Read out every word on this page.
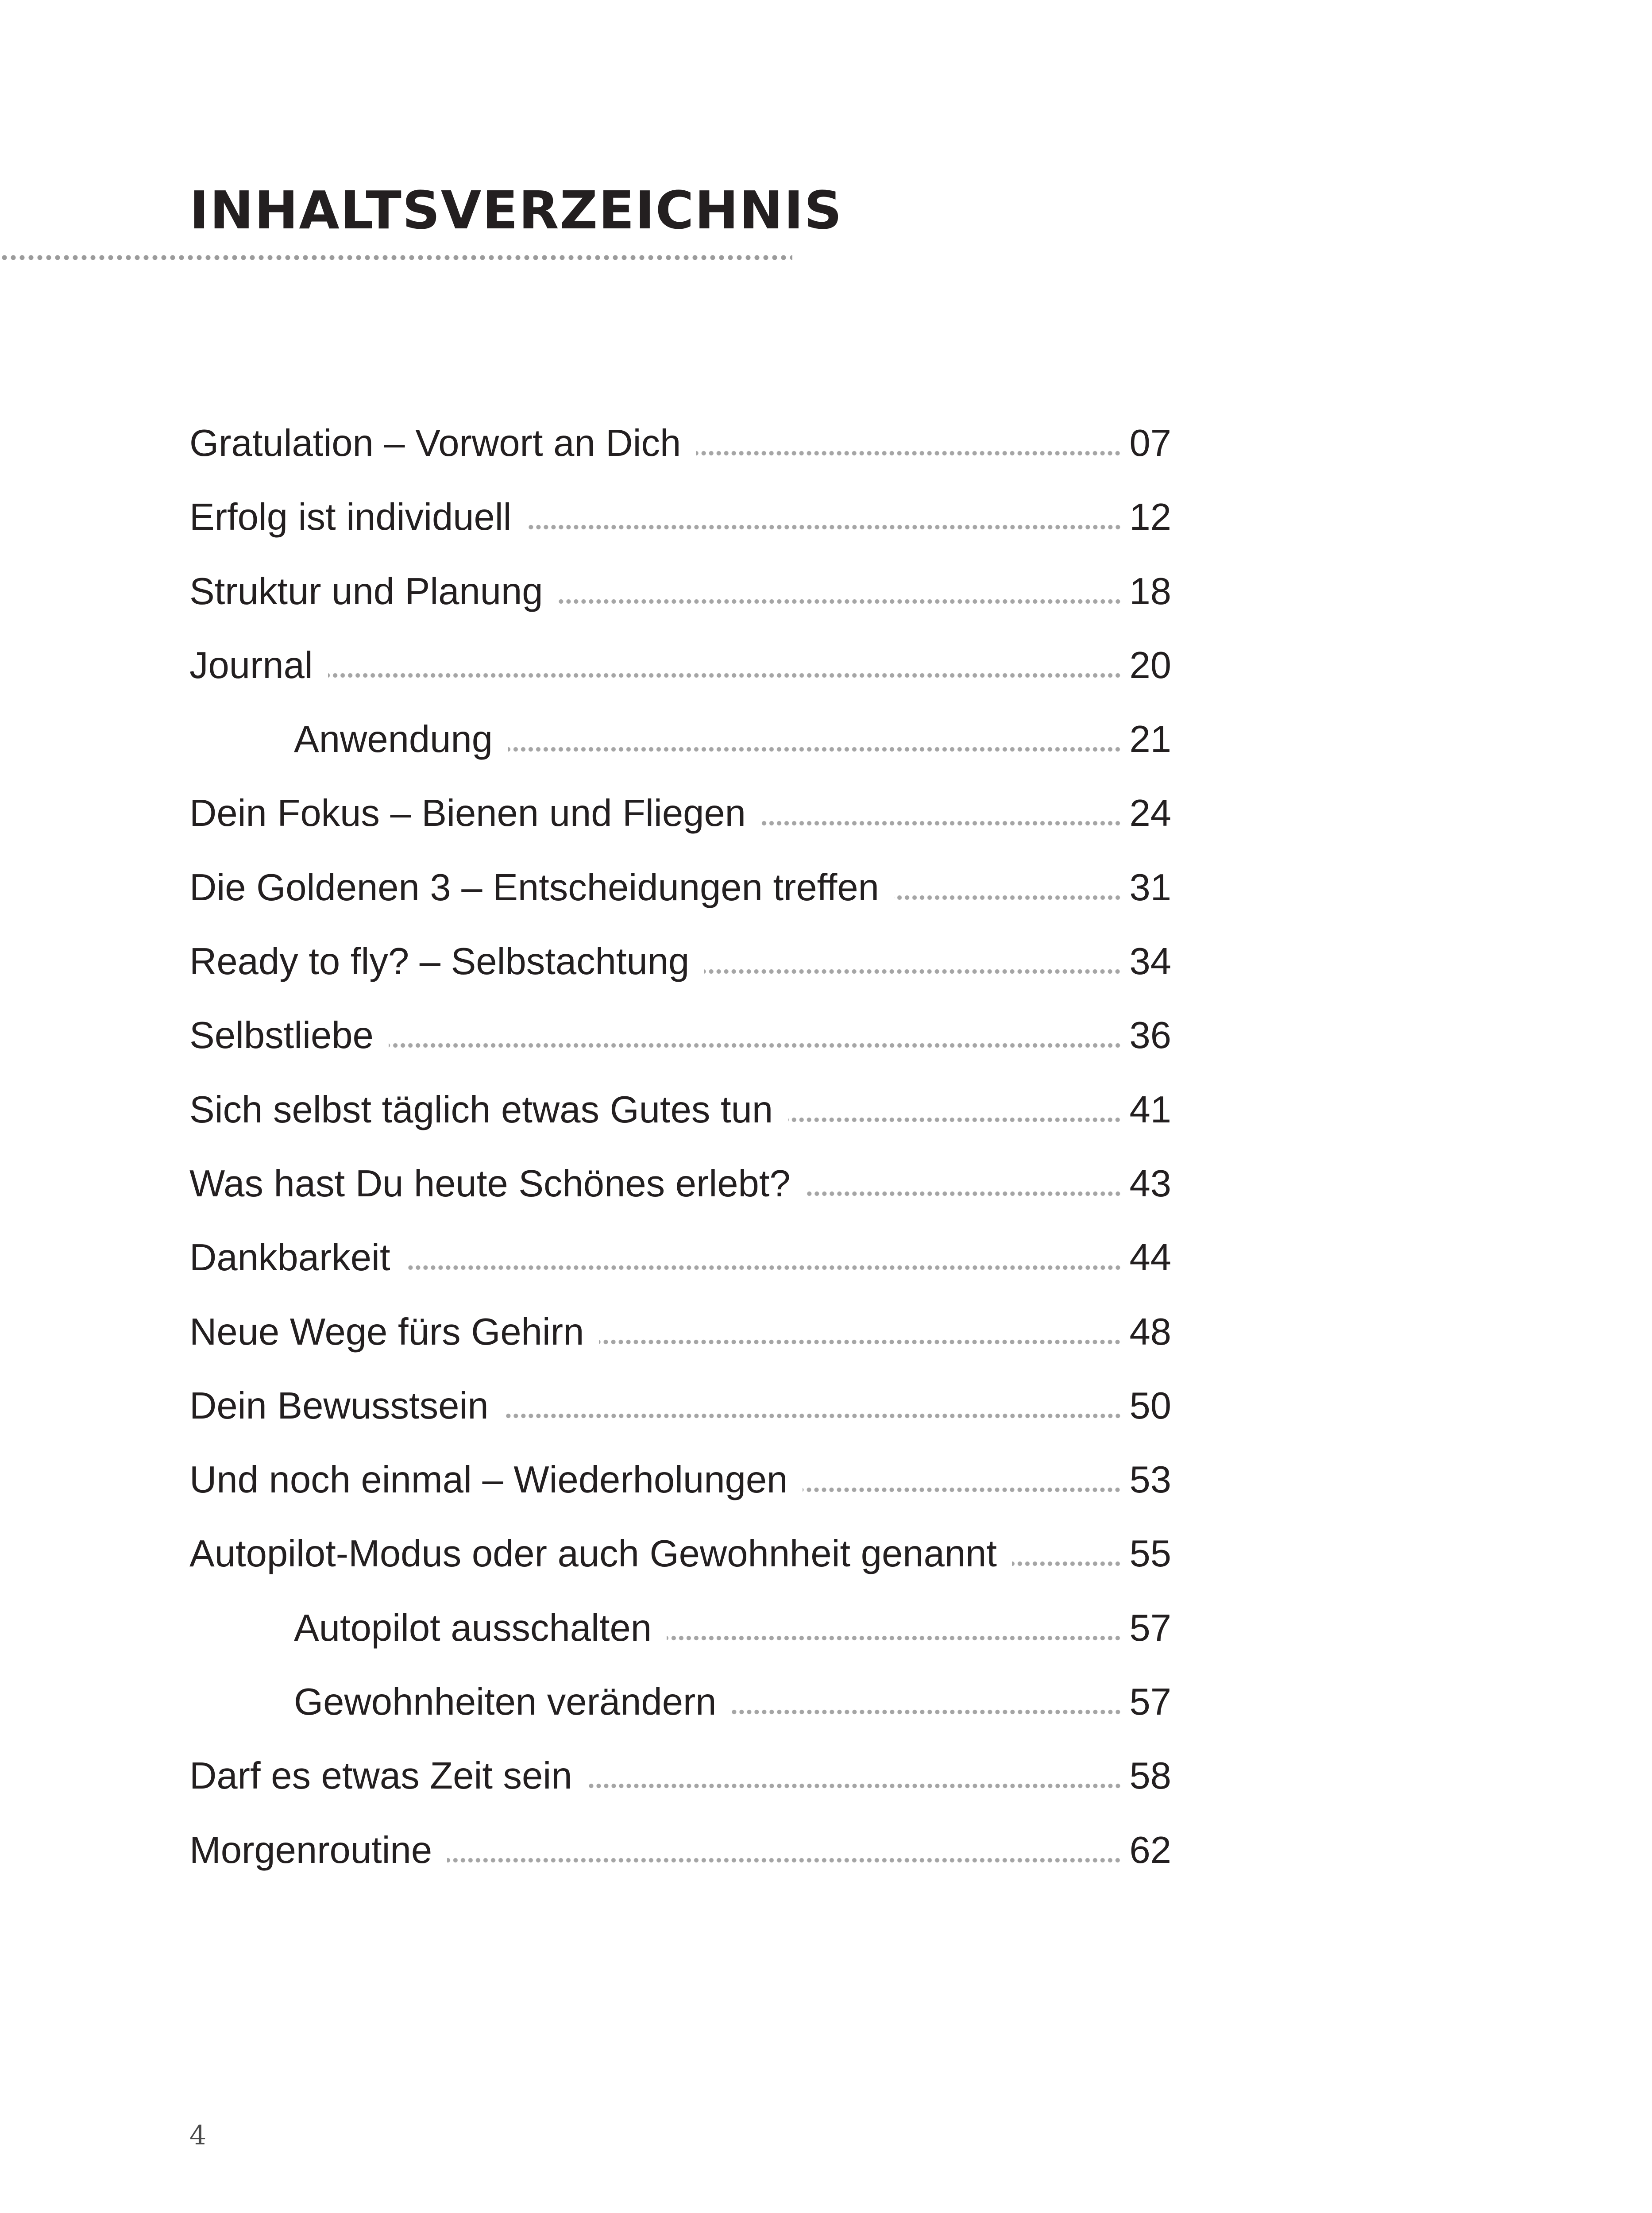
INHALTSVERZEICHNIS
Gratulation – Vorwort an Dich	07
Erfolg ist individuell	12
Struktur und Planung	18
Journal	20
Anwendung	21
Dein Fokus – Bienen und Fliegen	24
Die Goldenen 3 – Entscheidungen treffen	31
Ready to fly? – Selbstachtung	34
Selbstliebe	36
Sich selbst täglich etwas Gutes tun	41
Was hast Du heute Schönes erlebt?	43
Dankbarkeit	44
Neue Wege fürs Gehirn	48
Dein Bewusstsein	50
Und noch einmal – Wiederholungen	53
Autopilot-Modus oder auch Gewohnheit genannt	55
Autopilot ausschalten	57
Gewohnheiten verändern	57
Darf es etwas Zeit sein	58
Morgenroutine	62
4
